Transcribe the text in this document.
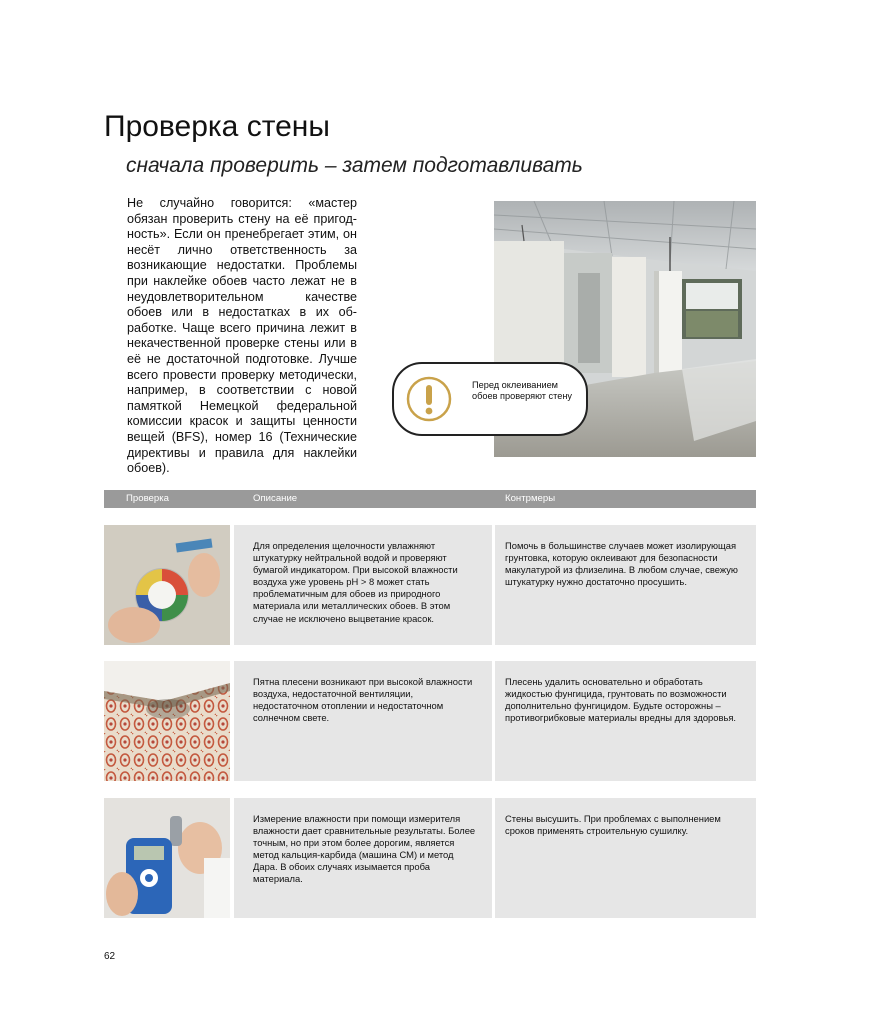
Проверка стены
сначала проверить – затем подготавливать
Не случайно говорится: «мастер обязан проверить стену на её пригодность». Если он пренебрегает этим, он несёт лично ответственность за возникающие недостатки. Проблемы при наклейке обоев часто лежат не в неудовлетворительном качестве обоев или в недостатках в их обработке. Чаще всего причина лежит в некачественной проверке стены или в её не достаточной подготовке. Лучше всего провести проверку методически, например, в соответствии с новой памяткой Немецкой федеральной комиссии красок и защиты ценности вещей (BFS), номер 16 (Технические директивы и правила для наклейки обоев).
Перед оклеиванием обоев проверяют стену
Проверка	Описание	Контрмеры
Для определения щелочности увлажняют штукатурку нейтральной водой и проверяют бумагой индикатором. При высокой влажности воздуха уже уровень pH > 8 может стать проблематичным для обоев из природного материала или металлических обоев. В этом случае не исключено выцветание красок.
Помочь в большинстве случаев может изолирующая грунтовка, которую оклеивают для безопасности макулатурой из флизелина. В любом случае, свежую штукатурку нужно достаточно просушить.
Пятна плесени возникают при высокой влажности воздуха, недостаточной вентиляции, недостаточном отоплении и недостаточном солнечном свете.
Плесень удалить основательно и обработать жидкостью фунгицида, грунтовать по возможности дополнительно фунгицидом. Будьте осторожны – противогрибковые материалы вредны для здоровья.
Измерение влажности при помощи измерителя влажности дает сравнительные результаты. Более точным, но при этом более дорогим, является метод кальция-карбида (машина СМ) и метод Дара. В обоих случаях изымается проба материала.
Стены высушить. При проблемах с выполнением сроков применять строительную сушилку.
62
